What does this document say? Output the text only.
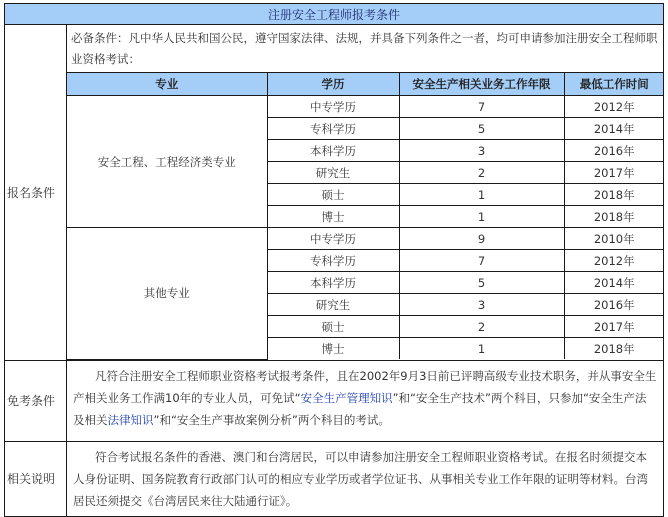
注册安全工程师报考条件
报名条件	
必备条件：凡中华人民共和国公民，遵守国家法律、法规，并具备下列条件之一者，均可申请参加注册安全工程师职业资格考试：
专业	学历	安全生产相关业务工作年限	最低工作时间
安全工程、工程经济类专业	中专学历	7	2012年
专科学历	5	2014年
本科学历	3	2016年
研究生	2	2017年
硕士	1	2018年
博士	1	2018年
其他专业	中专学历	9	2010年
专科学历	7	2012年
本科学历	5	2014年
研究生	3	2016年
硕士	2	2017年
博士	1	2018年

免考条件	
凡符合注册安全工程师职业资格考试报考条件，且在2002年9月3日前已评聘高级专业技术职务，并从事安全生产相关业务工作满10年的专业人员，可免试“安全生产管理知识”和“安全生产技术”两个科目，只参加“安全生产法及相关法律知识”和“安全生产事故案例分析”两个科目的考试。

相关说明	
符合考试报名条件的香港、澳门和台湾居民，可以申请参加注册安全工程师职业资格考试。在报名时须提交本人身份证明、国务院教育行政部门认可的相应专业学历或者学位证书、从事相关专业工作年限的证明等材料。台湾居民还须提交《台湾居民来往大陆通行证》。
